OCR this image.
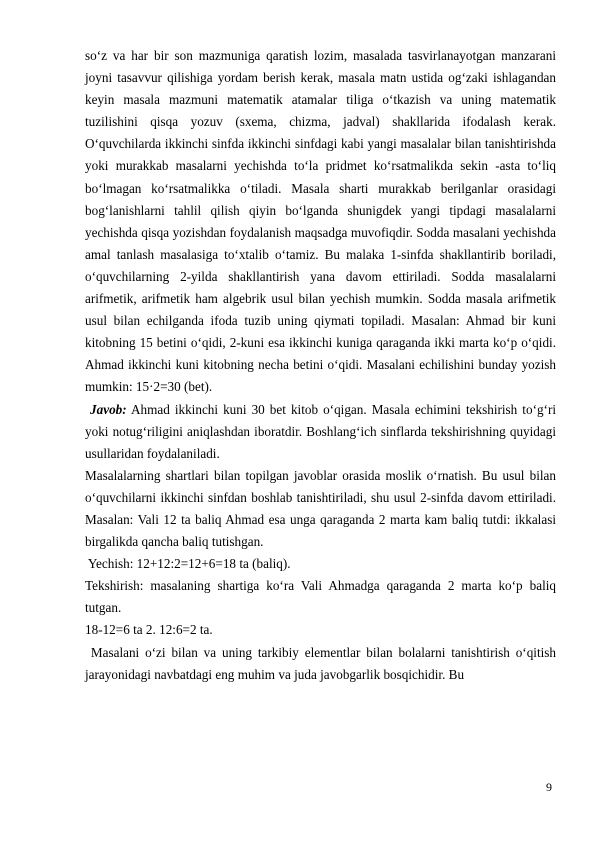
so‘z va har bir son mazmuniga qaratish lozim, masalada tasvirlanayotgan manzarani joyni tasavvur qilishiga yordam berish kerak, masala matn ustida og‘zaki ishlagandan keyin masala mazmuni matematik atamalar tiliga o‘tkazish va uning matematik tuzilishini qisqa yozuv (sxema, chizma, jadval) shakllarida ifodalash kerak. O‘quvchilarda ikkinchi sinfda ikkinchi sinfdagi kabi yangi masalalar bilan tanishtirishda yoki murakkab masalarni yechishda to‘la pridmet ko‘rsatmalikda sekin -asta to‘liq bo‘lmagan ko‘rsatmalikka o‘tiladi. Masala sharti murakkab berilganlar orasidagi bog‘lanishlarni tahlil qilish qiyin bo‘lganda shunigdek yangi tipdagi masalalarni yechishda qisqa yozishdan foydalanish maqsadga muvofiqdir. Sodda masalani yechishda amal tanlash masalasiga to‘xtalib o‘tamiz. Bu malaka 1-sinfda shakllantirib boriladi, o‘quvchilarning 2-yilda shakllantirish yana davom ettiriladi. Sodda masalalarni arifmetik, arifmetik ham algebrik usul bilan yechish mumkin. Sodda masala arifmetik usul bilan echilganda ifoda tuzib uning qiymati topiladi. Masalan: Ahmad bir kuni kitobning 15 betini o‘qidi, 2-kuni esa ikkinchi kuniga qaraganda ikki marta ko‘p o‘qidi. Ahmad ikkinchi kuni kitobning necha betini o‘qidi. Masalani echilishini bunday yozish mumkin: 15·2=30 (bet).

Javob: Ahmad ikkinchi kuni 30 bet kitob o‘qigan. Masala echimini tekshirish to‘g‘ri yoki notug‘riligini aniqlashdan iboratdir. Boshlang‘ich sinflarda tekshirishning quyidagi usullaridan foydalaniladi.

Masalalarning shartlari bilan topilgan javoblar orasida moslik o‘rnatish. Bu usul bilan o‘quvchilarni ikkinchi sinfdan boshlab tanishtiriladi, shu usul 2-sinfda davom ettiriladi. Masalan: Vali 12 ta baliq Ahmad esa unga qaraganda 2 marta kam baliq tutdi: ikkalasi birgalikda qancha baliq tutishgan.

Yechish: 12+12:2=12+6=18 ta (baliq).

Tekshirish: masalaning shartiga ko‘ra Vali Ahmadga qaraganda 2 marta ko‘p baliq tutgan.

18-12=6 ta 2. 12:6=2 ta.

Masalani o‘zi bilan va uning tarkibiy elementlar bilan bolalarni tanishtirish o‘qitish jarayonidagi navbatdagi eng muhim va juda javobgarlik bosqichidir. Bu

9
